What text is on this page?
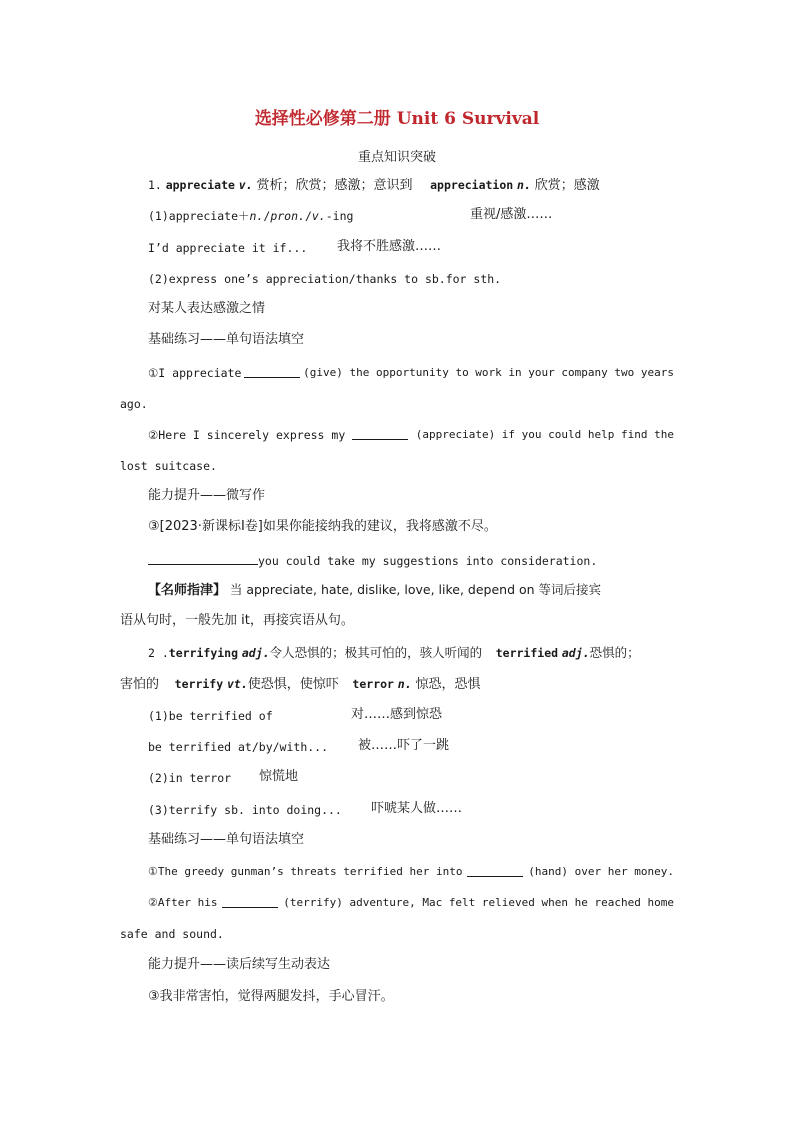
选择性必修第二册 Unit 6 Survival
重点知识突破
1. appreciate v. 赏析；欣赏；感激；意识到 appreciation n. 欣赏；感激
(1)appreciate＋n./pron./v.-ing	重视/感激……
I’d appreciate it if... 我将不胜感激……
(2)express one’s appreciation/thanks to sb.for sth.
对某人表达感激之情
基础练习——单句语法填空
①I appreciate	(give) the opportunity to work in your company two years
ago.
②Here I sincerely express my	(appreciate) if you could help find the
lost suitcase.
能力提升——微写作
③[2023·新课标Ⅰ卷]如果你能接纳我的建议，我将感激不尽。
you could take my suggestions into consideration.
【名师指津】 当 appreciate, hate, dislike, love, like, depend on 等词后接宾
语从句时，一般先加 it，再接宾语从句。
2 .terrifying adj.令人恐惧的；极其可怕的，骇人听闻的 terrified adj.恐惧的；
害怕的 terrify vt.使恐惧，使惊吓 terror n. 惊恐，恐惧
(1)be terrified of	对……感到惊恐
be terrified at/by/with... 被……吓了一跳
(2)in terror 惊慌地
(3)terrify sb. into doing... 吓唬某人做……
基础练习——单句语法填空
①The greedy gunman’s threats terrified her into	(hand) over her money.
②After his	(terrify) adventure, Mac felt relieved when he reached home
safe and sound.
能力提升——读后续写生动表达
③我非常害怕，觉得两腿发抖，手心冒汗。
